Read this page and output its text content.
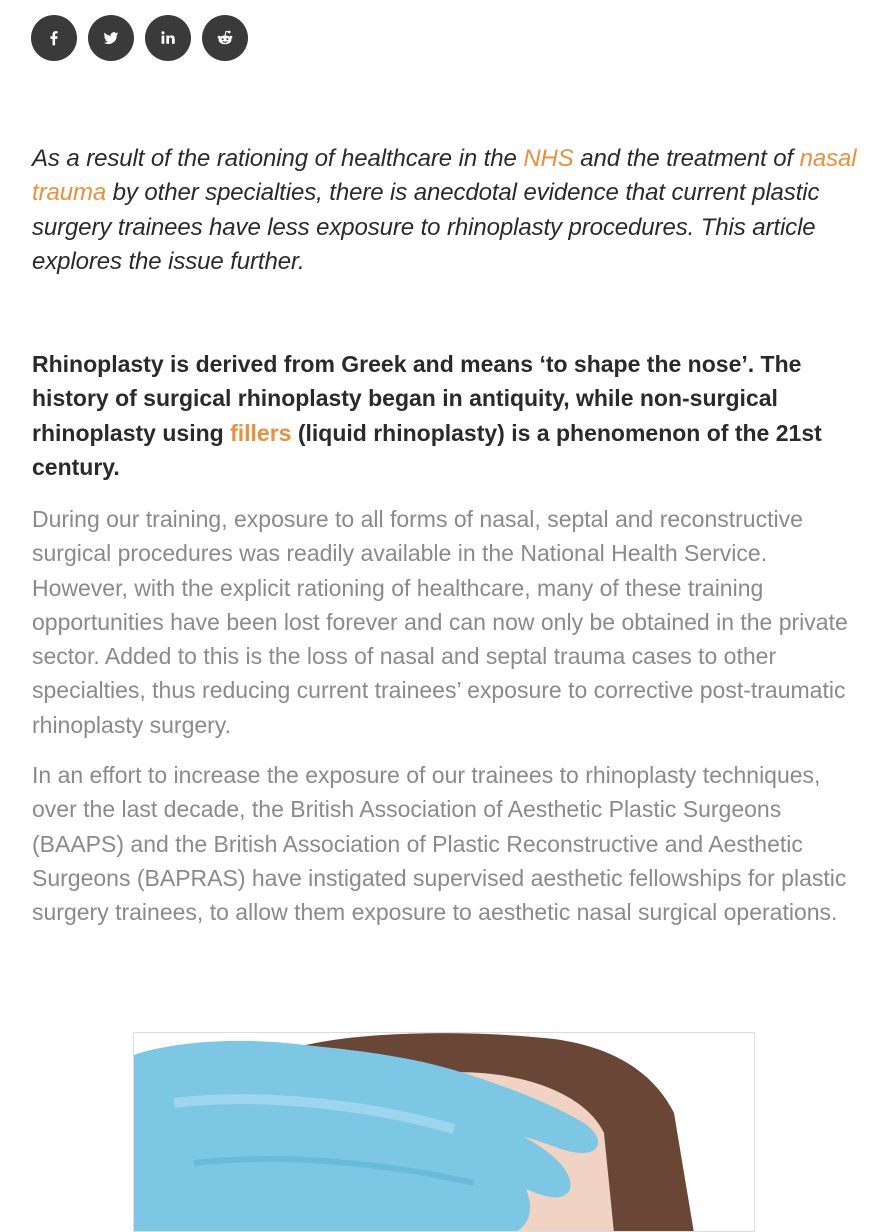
As a result of the rationing of healthcare in the NHS and the treatment of nasal trauma by other specialties, there is anecdotal evidence that current plastic surgery trainees have less exposure to rhinoplasty procedures. This article explores the issue further.

Rhinoplasty is derived from Greek and means ‘to shape the nose’. The history of surgical rhinoplasty began in antiquity, while non-surgical rhinoplasty using fillers (liquid rhinoplasty) is a phenomenon of the 21st century.

During our training, exposure to all forms of nasal, septal and reconstructive surgical procedures was readily available in the National Health Service. However, with the explicit rationing of healthcare, many of these training opportunities have been lost forever and can now only be obtained in the private sector. Added to this is the loss of nasal and septal trauma cases to other specialties, thus reducing current trainees’ exposure to corrective post-traumatic rhinoplasty surgery.

In an effort to increase the exposure of our trainees to rhinoplasty techniques, over the last decade, the British Association of Aesthetic Plastic Surgeons (BAAPS) and the British Association of Plastic Reconstructive and Aesthetic Surgeons (BAPRAS) have instigated supervised aesthetic fellowships for plastic surgery trainees, to allow them exposure to aesthetic nasal surgical operations.
